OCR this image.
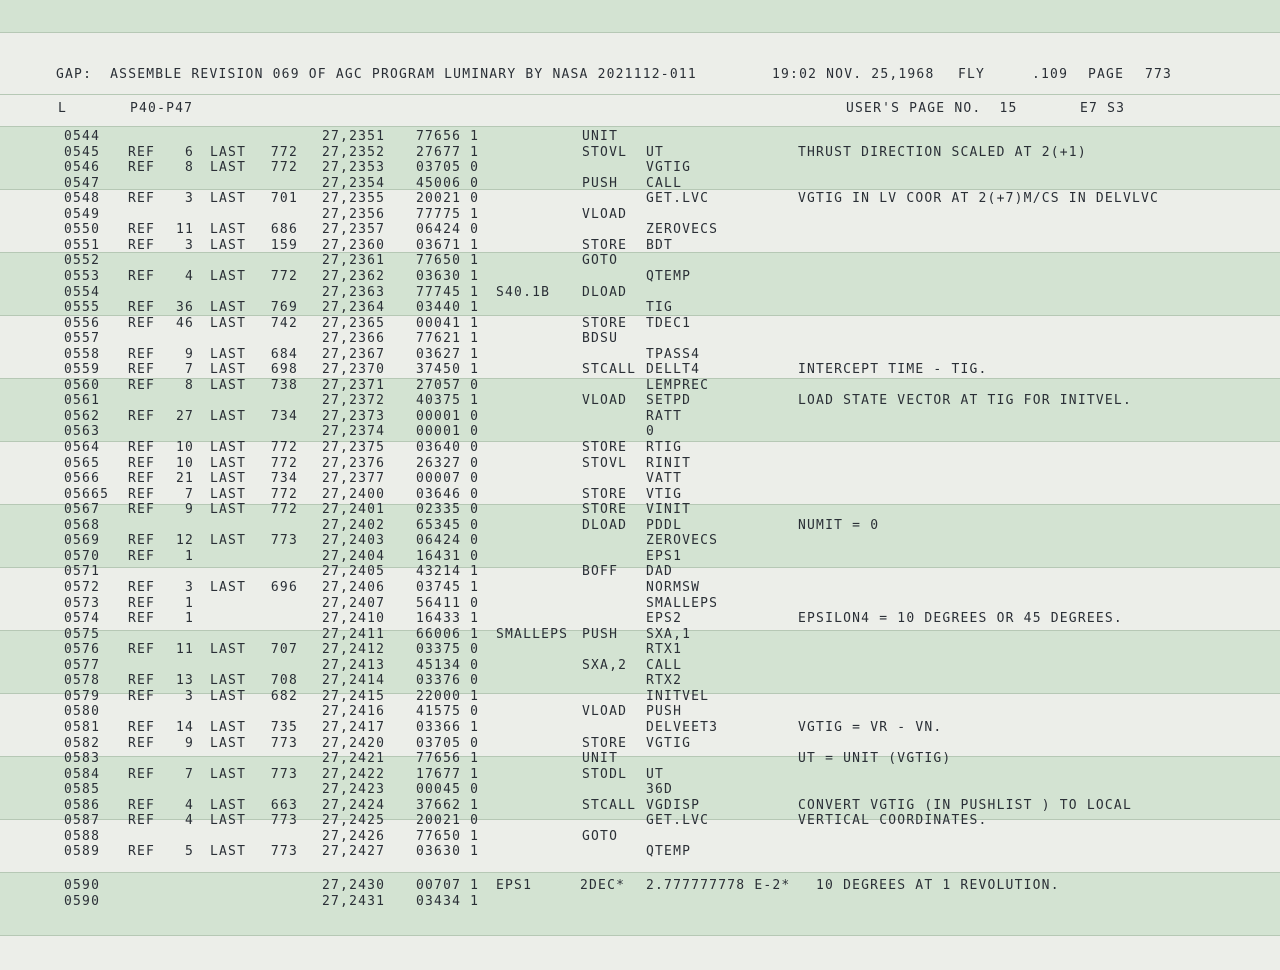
GAP:  ASSEMBLE REVISION 069 OF AGC PROGRAM LUMINARY BY NASA 2021112-011	19:02 NOV. 25,1968 FLY	.109 PAGE 773
L	P40-P47	USER'S PAGE NO.  15	E7 S3
0544	27,2351 77656 1	UNIT
0545 REF	6 LAST	772 27,2352 27677 1	STOVL UT	THRUST DIRECTION SCALED AT 2(+1)
0546 REF	8 LAST	772 27,2353 03705 0	VGTIG
0547	27,2354 45006 0	PUSH CALL
0548 REF	3 LAST	701 27,2355 20021 0	GET.LVC	VGTIG IN LV COOR AT 2(+7)M/CS IN DELVLVC
0549	27,2356 77775 1	VLOAD
0550 REF	11 LAST	686 27,2357 06424 0	ZEROVECS
0551 REF	3 LAST	159 27,2360 03671 1	STORE BDT
0552	27,2361 77650 1	GOTO
0553 REF	4 LAST	772 27,2362 03630 1	QTEMP
0554	27,2363 77745 1 S40.1B DLOAD
0555 REF	36 LAST	769 27,2364 03440 1	TIG
0556 REF	46 LAST	742 27,2365 00041 1	STORE TDEC1
0557	27,2366 77621 1	BDSU
0558 REF	9 LAST	684 27,2367 03627 1	TPASS4
0559 REF	7 LAST	698 27,2370 37450 1	STCALL DELLT4	INTERCEPT TIME - TIG.
0560 REF	8 LAST	738 27,2371 27057 0	LEMPREC
0561	27,2372 40375 1	VLOAD SETPD	LOAD STATE VECTOR AT TIG FOR INITVEL.
0562 REF	27 LAST	734 27,2373 00001 0	RATT
0563	27,2374 00001 0	0
0564 REF	10 LAST	772 27,2375 03640 0	STORE RTIG
0565 REF	10 LAST	772 27,2376 26327 0	STOVL RINIT
0566 REF	21 LAST	734 27,2377 00007 0	VATT
05665 REF	7 LAST	772 27,2400 03646 0	STORE VTIG
0567 REF	9 LAST	772 27,2401 02335 0	STORE VINIT
0568	27,2402 65345 0	DLOAD PDDL	NUMIT = 0
0569 REF	12 LAST	773 27,2403 06424 0	ZEROVECS
0570 REF	1	27,2404 16431 0	EPS1
0571	27,2405 43214 1	BOFF DAD
0572 REF	3 LAST	696 27,2406 03745 1	NORMSW
0573 REF	1	27,2407 56411 0	SMALLEPS
0574 REF	1	27,2410 16433 1	EPS2	EPSILON4 = 10 DEGREES OR 45 DEGREES.
0575	27,2411 66006 1 SMALLEPS PUSH SXA,1
0576 REF	11 LAST	707 27,2412 03375 0	RTX1
0577	27,2413 45134 0	SXA,2 CALL
0578 REF	13 LAST	708 27,2414 03376 0	RTX2
0579 REF	3 LAST	682 27,2415 22000 1	INITVEL
0580	27,2416 41575 0	VLOAD PUSH
0581 REF	14 LAST	735 27,2417 03366 1	DELVEET3	VGTIG = VR - VN.
0582 REF	9 LAST	773 27,2420 03705 0	STORE VGTIG
0583	27,2421 77656 1	UNIT	UT = UNIT (VGTIG)
0584 REF	7 LAST	773 27,2422 17677 1	STODL UT
0585	27,2423 00045 0	36D
0586 REF	4 LAST	663 27,2424 37662 1	STCALL VGDISP	CONVERT VGTIG (IN PUSHLIST ) TO LOCAL
0587 REF	4 LAST	773 27,2425 20021 0	GET.LVC	VERTICAL COORDINATES.
0588	27,2426 77650 1	GOTO
0589 REF	5 LAST	773 27,2427 03630 1	QTEMP
0590	27,2430 00707 1 EPS1	2DEC* 2.777777778 E-2* 10 DEGREES AT 1 REVOLUTION.
0590	27,2431 03434 1
